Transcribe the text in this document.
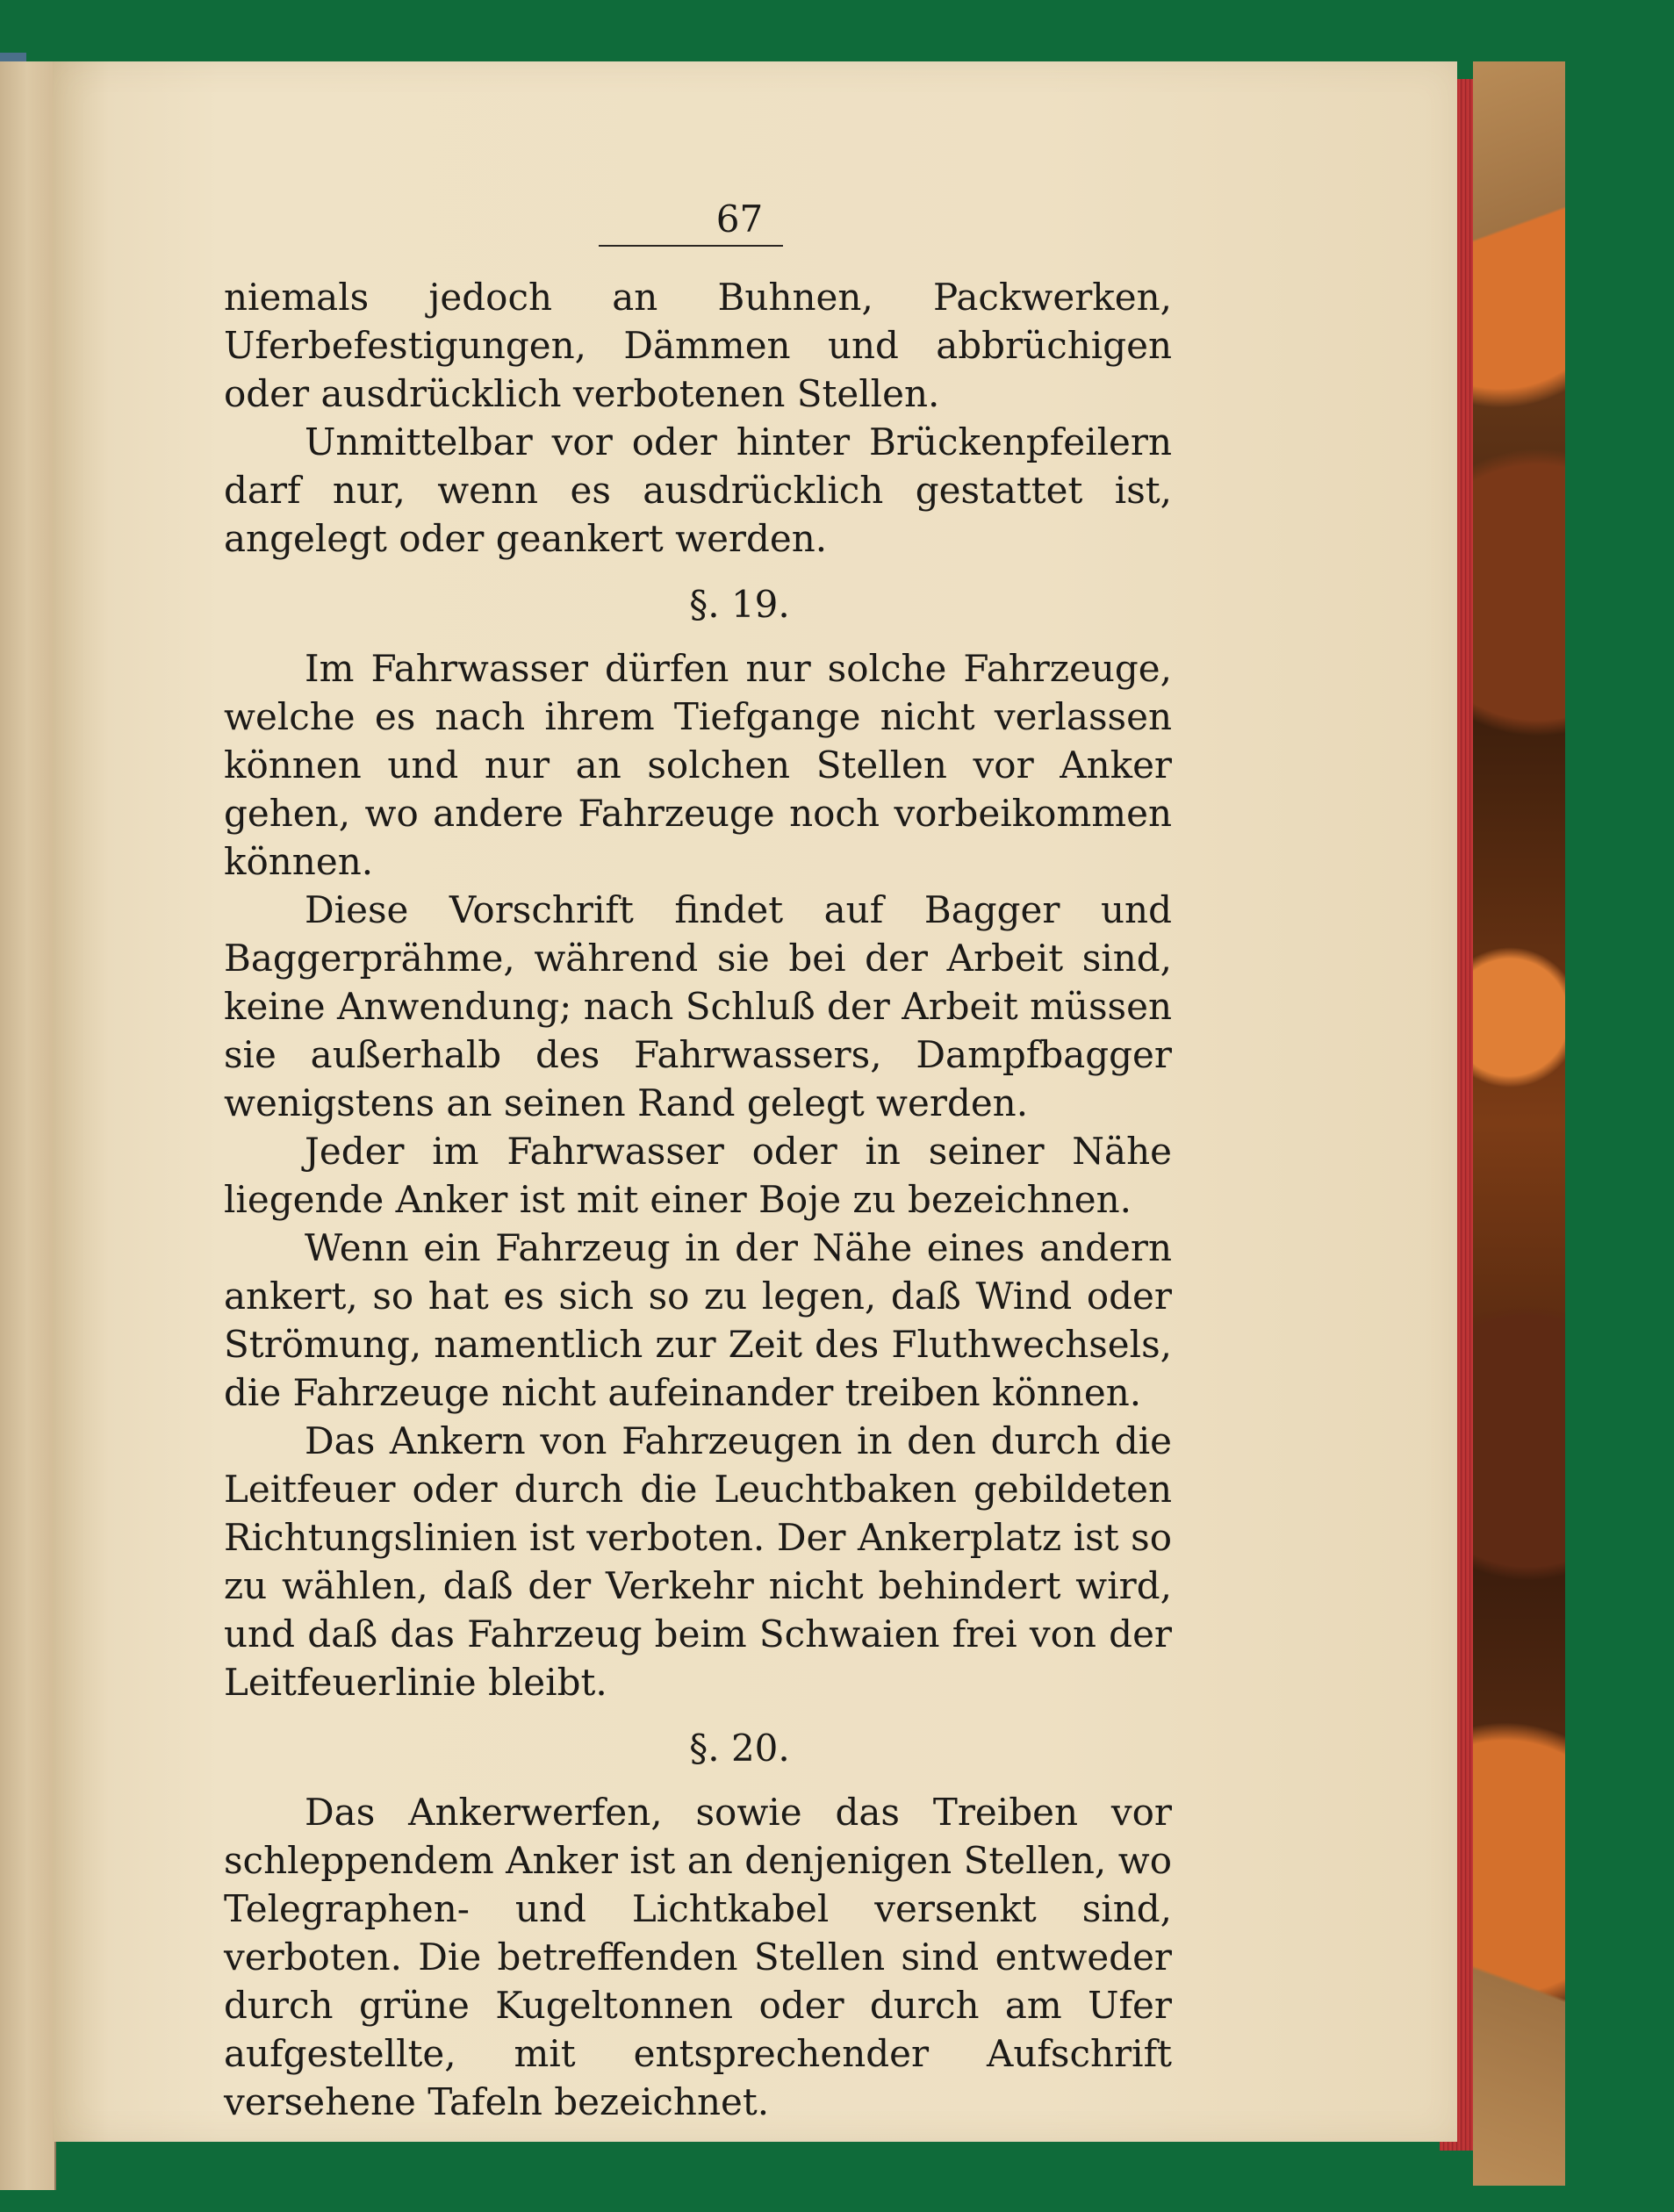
67

niemals jedoch an Buhnen, Packwerken, Uferbefestigungen, Dämmen und abbrüchigen oder ausdrücklich verbotenen Stellen.

Unmittelbar vor oder hinter Brückenpfeilern darf nur, wenn es ausdrücklich gestattet ist, angelegt oder geankert werden.

§. 19.

Im Fahrwasser dürfen nur solche Fahrzeuge, welche es nach ihrem Tiefgange nicht verlassen können und nur an solchen Stellen vor Anker gehen, wo andere Fahrzeuge noch vorbeikommen können.

Diese Vorschrift findet auf Bagger und Baggerprähme, während sie bei der Arbeit sind, keine Anwendung; nach Schluß der Arbeit müssen sie außerhalb des Fahrwassers, Dampfbagger wenigstens an seinen Rand gelegt werden.

Jeder im Fahrwasser oder in seiner Nähe liegende Anker ist mit einer Boje zu bezeichnen.

Wenn ein Fahrzeug in der Nähe eines andern ankert, so hat es sich so zu legen, daß Wind oder Strömung, namentlich zur Zeit des Fluthwechsels, die Fahrzeuge nicht aufeinander treiben können.

Das Ankern von Fahrzeugen in den durch die Leitfeuer oder durch die Leuchtbaken gebildeten Richtungslinien ist verboten. Der Ankerplatz ist so zu wählen, daß der Verkehr nicht behindert wird, und daß das Fahrzeug beim Schwaien frei von der Leitfeuerlinie bleibt.

§. 20.

Das Ankerwerfen, sowie das Treiben vor schleppendem Anker ist an denjenigen Stellen, wo Telegraphen- und Lichtkabel versenkt sind, verboten. Die betreffenden Stellen sind entweder durch grüne Kugeltonnen oder durch am Ufer aufgestellte, mit entsprechender Aufschrift versehene Tafeln bezeichnet.
